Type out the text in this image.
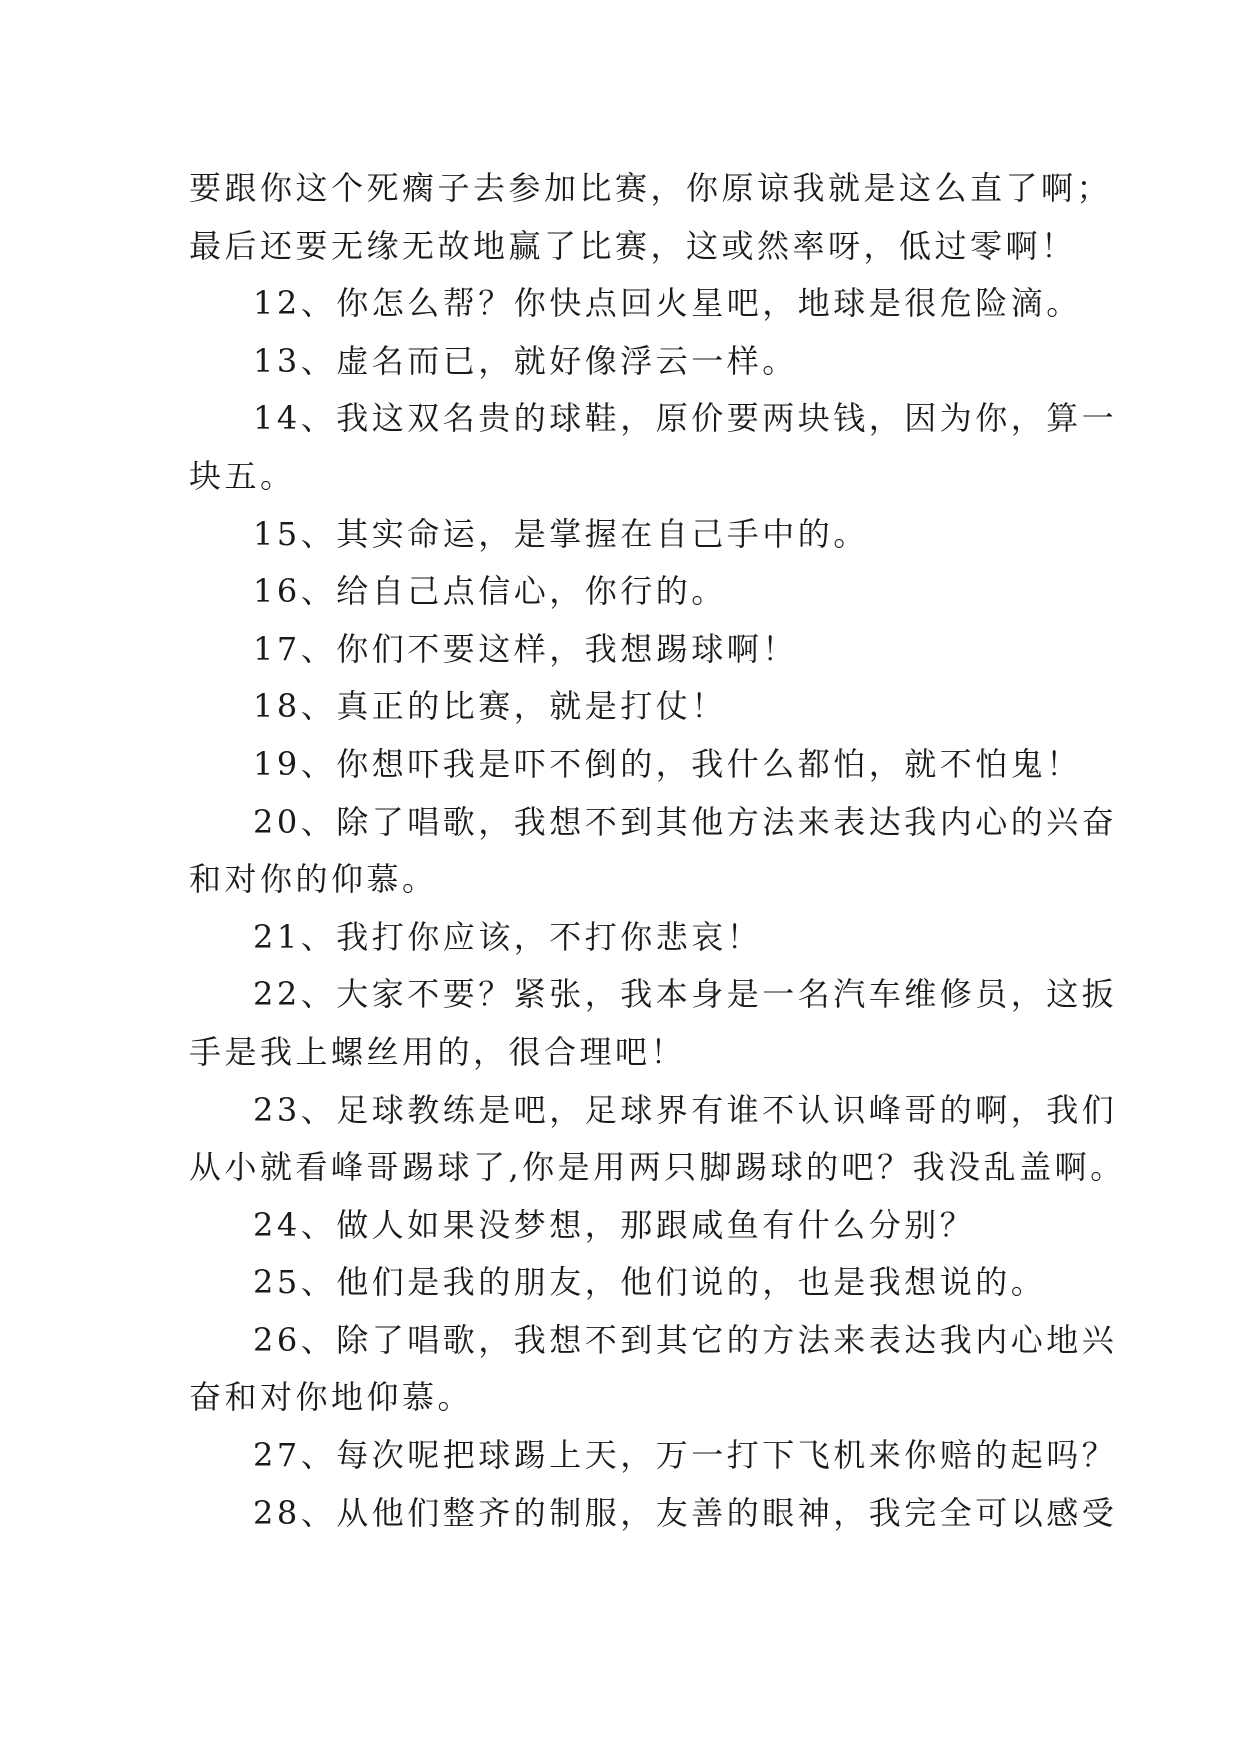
要跟你这个死瘸子去参加比赛，你原谅我就是这么直了啊；
最后还要无缘无故地赢了比赛，这或然率呀，低过零啊！
12、你怎么帮？你快点回火星吧，地球是很危险滴。
13、虚名而已，就好像浮云一样。
14、我这双名贵的球鞋，原价要两块钱，因为你，算一
块五。
15、其实命运，是掌握在自己手中的。
16、给自己点信心，你行的。
17、你们不要这样，我想踢球啊！
18、真正的比赛，就是打仗！
19、你想吓我是吓不倒的，我什么都怕，就不怕鬼！
20、除了唱歌，我想不到其他方法来表达我内心的兴奋
和对你的仰慕。
21、我打你应该，不打你悲哀！
22、大家不要？紧张，我本身是一名汽车维修员，这扳
手是我上螺丝用的，很合理吧！
23、足球教练是吧，足球界有谁不认识峰哥的啊，我们
从小就看峰哥踢球了,你是用两只脚踢球的吧？我没乱盖啊。
24、做人如果没梦想，那跟咸鱼有什么分别？
25、他们是我的朋友，他们说的，也是我想说的。
26、除了唱歌，我想不到其它的方法来表达我内心地兴
奋和对你地仰慕。
27、每次呢把球踢上天，万一打下飞机来你赔的起吗？
28、从他们整齐的制服，友善的眼神，我完全可以感受
